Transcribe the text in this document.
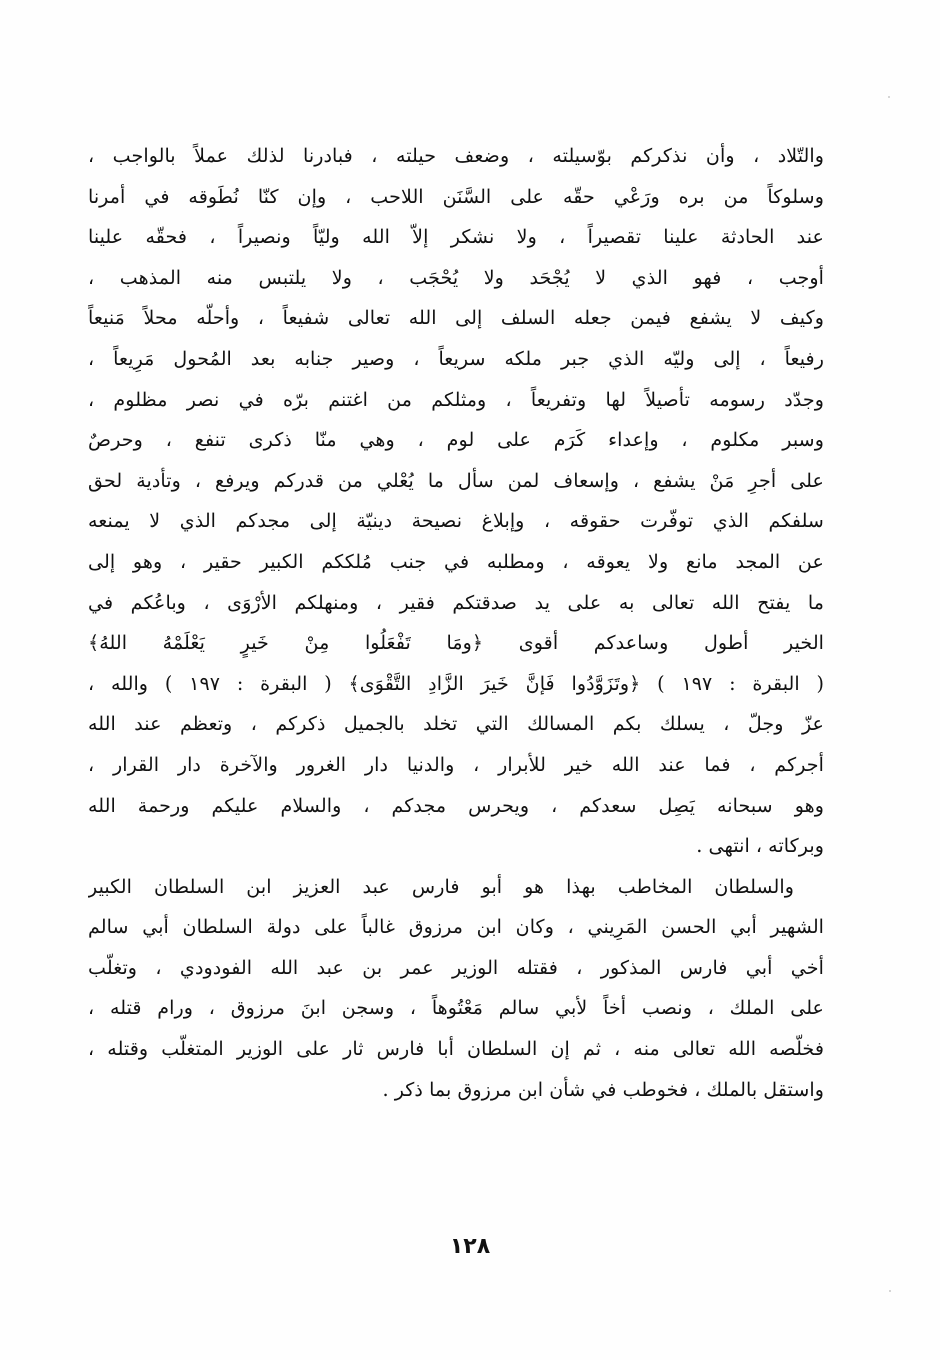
والتّلاد ، وأن نذكركم بوّسيلته ، وضعف حيلته ، فبادرنا لذلك عملاً بالواجب ،
وسلوكاً من بره ورَعْي حقّه على السَّنَن اللاحب ، وإن كنّا نُطَوقه في أمرنا
عند الحادثة علينا تقصيراً ، ولا نشكر إلاّ الله وليّاً ونصيراً ، فحقّه علينا
أوجب ، فهو الذي لا يُجْحَد ولا يُحْجَب ، ولا يلتبس منه المذهب ،
وكيف لا يشفع فيمن جعله السلف إلى الله تعالى شفيعاً ، وأحلّه محلاً مَنيعاً
رفيعاً ، إلى وليّه الذي جبر ملكه سريعاً ، وصير جنابه بعد المُحول مَرِيعاً ،
وجدّد رسومه تأصيلاً لها وتفريعاً ، ومثلكم من اغتنم برّه في نصر مظلوم ،
وسبر مكلوم ، وإعداء كَرَم على لوم ، وهي منّا ذكرى تنفع ، وحرصٌ
على أجرِ مَنْ يشفع ، وإسعاف لمن سأل ما يُعْلي من قدركم ويرفع ، وتأدية لحق
سلفكم الذي توفّرت حقوقه ، وإبلاغ نصيحة دينيّة إلى مجدكم الذي لا يمنعه
عن المجد مانع ولا يعوقه ، ومطلبه في جنب مُلككم الكبير حقير ، وهو إلى
ما يفتح الله تعالى به على يد صدقتكم فقير ، ومنهلكم الأرْوَى ، وباعُكم في
الخير أطول وساعدكم أقوى ﴿ومَا تَفْعَلُوا مِنْ خَيرٍ يَعْلَمْهُ اللهُ﴾
( البقرة : ١٩٧ ) ﴿وتَزَوَّدُوا فَإنَّ خَيرَ الزَّادِ التَّقْوَى﴾ ( البقرة : ١٩٧ ) والله ،
عزّ وجلّ ، يسلك بكم المسالك التي تخلد بالجميل ذكركم ، وتعظم عند الله
أجركم ، فما عند الله خير للأبرار ، والدنيا دار الغرور والآخرة دار القرار ،
وهو سبحانه يَصِل سعدكم ، ويحرس مجدكم ، والسلام عليكم ورحمة الله
وبركاته ، انتهى .
والسلطان المخاطب بهذا هو أبو فارس عبد العزيز ابن السلطان الكبير
الشهير أبي الحسن المَرِيني ، وكان ابن مرزوق غالباً على دولة السلطان أبي سالم
أخي أبي فارس المذكور ، فقتله الوزير عمر بن عبد الله الفودودي ، وتغلّب
على الملك ، ونصب أخاً لأبي سالم مَعْتُوهاً ، وسجن ابنَ مرزوق ، ورام قتله ،
فخلّصه الله تعالى منه ، ثم إن السلطان أبا فارس ثار على الوزير المتغلّب وقتله ،
واستقل بالملك ، فخوطب في شأن ابن مرزوق بما ذكر .
١٢٨
